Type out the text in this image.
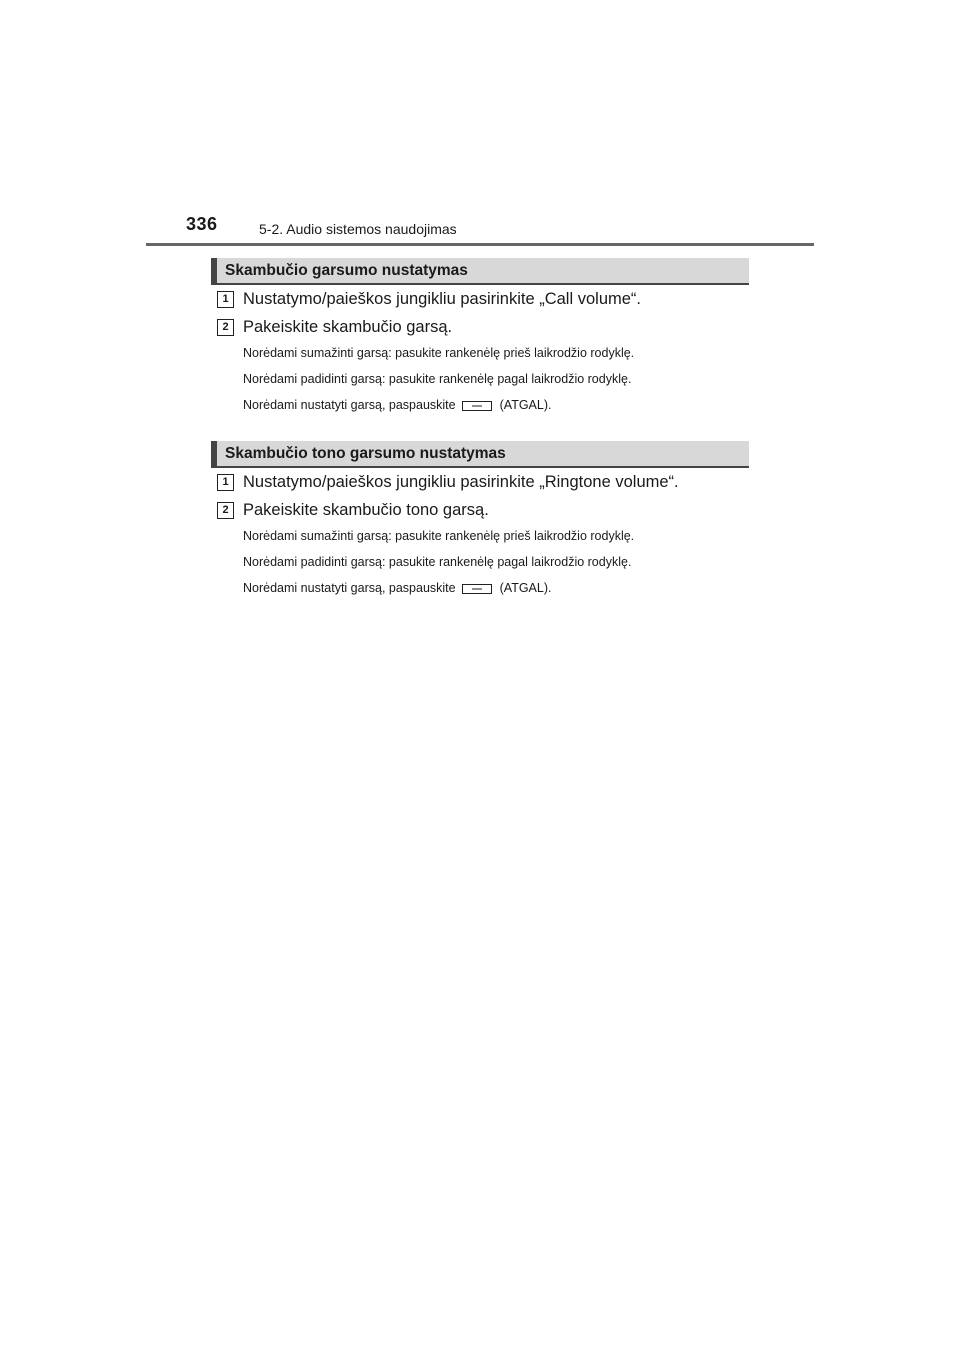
336	5-2. Audio sistemos naudojimas
Skambučio garsumo nustatymas
1 Nustatymo/paieškos jungikliu pasirinkite „Call volume“.
2 Pakeiskite skambučio garsą.
Norėdami sumažinti garsą: pasukite rankenėlę prieš laikrodžio rodyklę.
Norėdami padidinti garsą: pasukite rankenėlę pagal laikrodžio rodyklę.
Norėdami nustatyti garsą, paspauskite	(ATGAL).
Skambučio tono garsumo nustatymas
1 Nustatymo/paieškos jungikliu pasirinkite „Ringtone volume“.
2 Pakeiskite skambučio tono garsą.
Norėdami sumažinti garsą: pasukite rankenėlę prieš laikrodžio rodyklę.
Norėdami padidinti garsą: pasukite rankenėlę pagal laikrodžio rodyklę.
Norėdami nustatyti garsą, paspauskite	(ATGAL).
